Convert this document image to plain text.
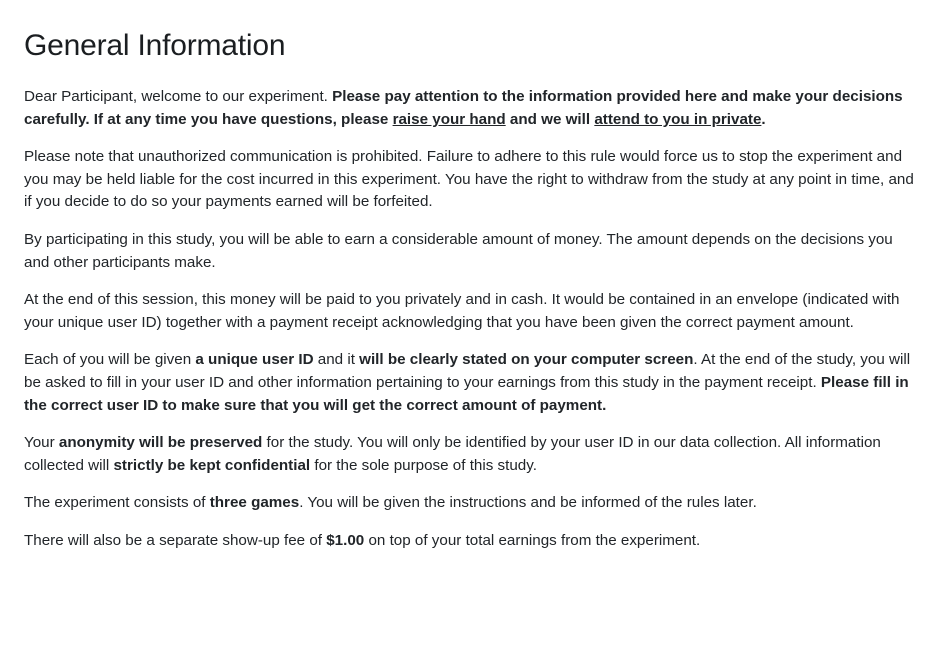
General Information

Dear Participant, welcome to our experiment. Please pay attention to the information provided here and make your decisions carefully. If at any time you have questions, please raise your hand and we will attend to you in private.

Please note that unauthorized communication is prohibited. Failure to adhere to this rule would force us to stop the experiment and you may be held liable for the cost incurred in this experiment. You have the right to withdraw from the study at any point in time, and if you decide to do so your payments earned will be forfeited.

By participating in this study, you will be able to earn a considerable amount of money. The amount depends on the decisions you and other participants make.

At the end of this session, this money will be paid to you privately and in cash. It would be contained in an envelope (indicated with your unique user ID) together with a payment receipt acknowledging that you have been given the correct payment amount.

Each of you will be given a unique user ID and it will be clearly stated on your computer screen. At the end of the study, you will be asked to fill in your user ID and other information pertaining to your earnings from this study in the payment receipt. Please fill in the correct user ID to make sure that you will get the correct amount of payment.

Your anonymity will be preserved for the study. You will only be identified by your user ID in our data collection. All information collected will strictly be kept confidential for the sole purpose of this study.

The experiment consists of three games. You will be given the instructions and be informed of the rules later.

There will also be a separate show-up fee of $1.00 on top of your total earnings from the experiment.
